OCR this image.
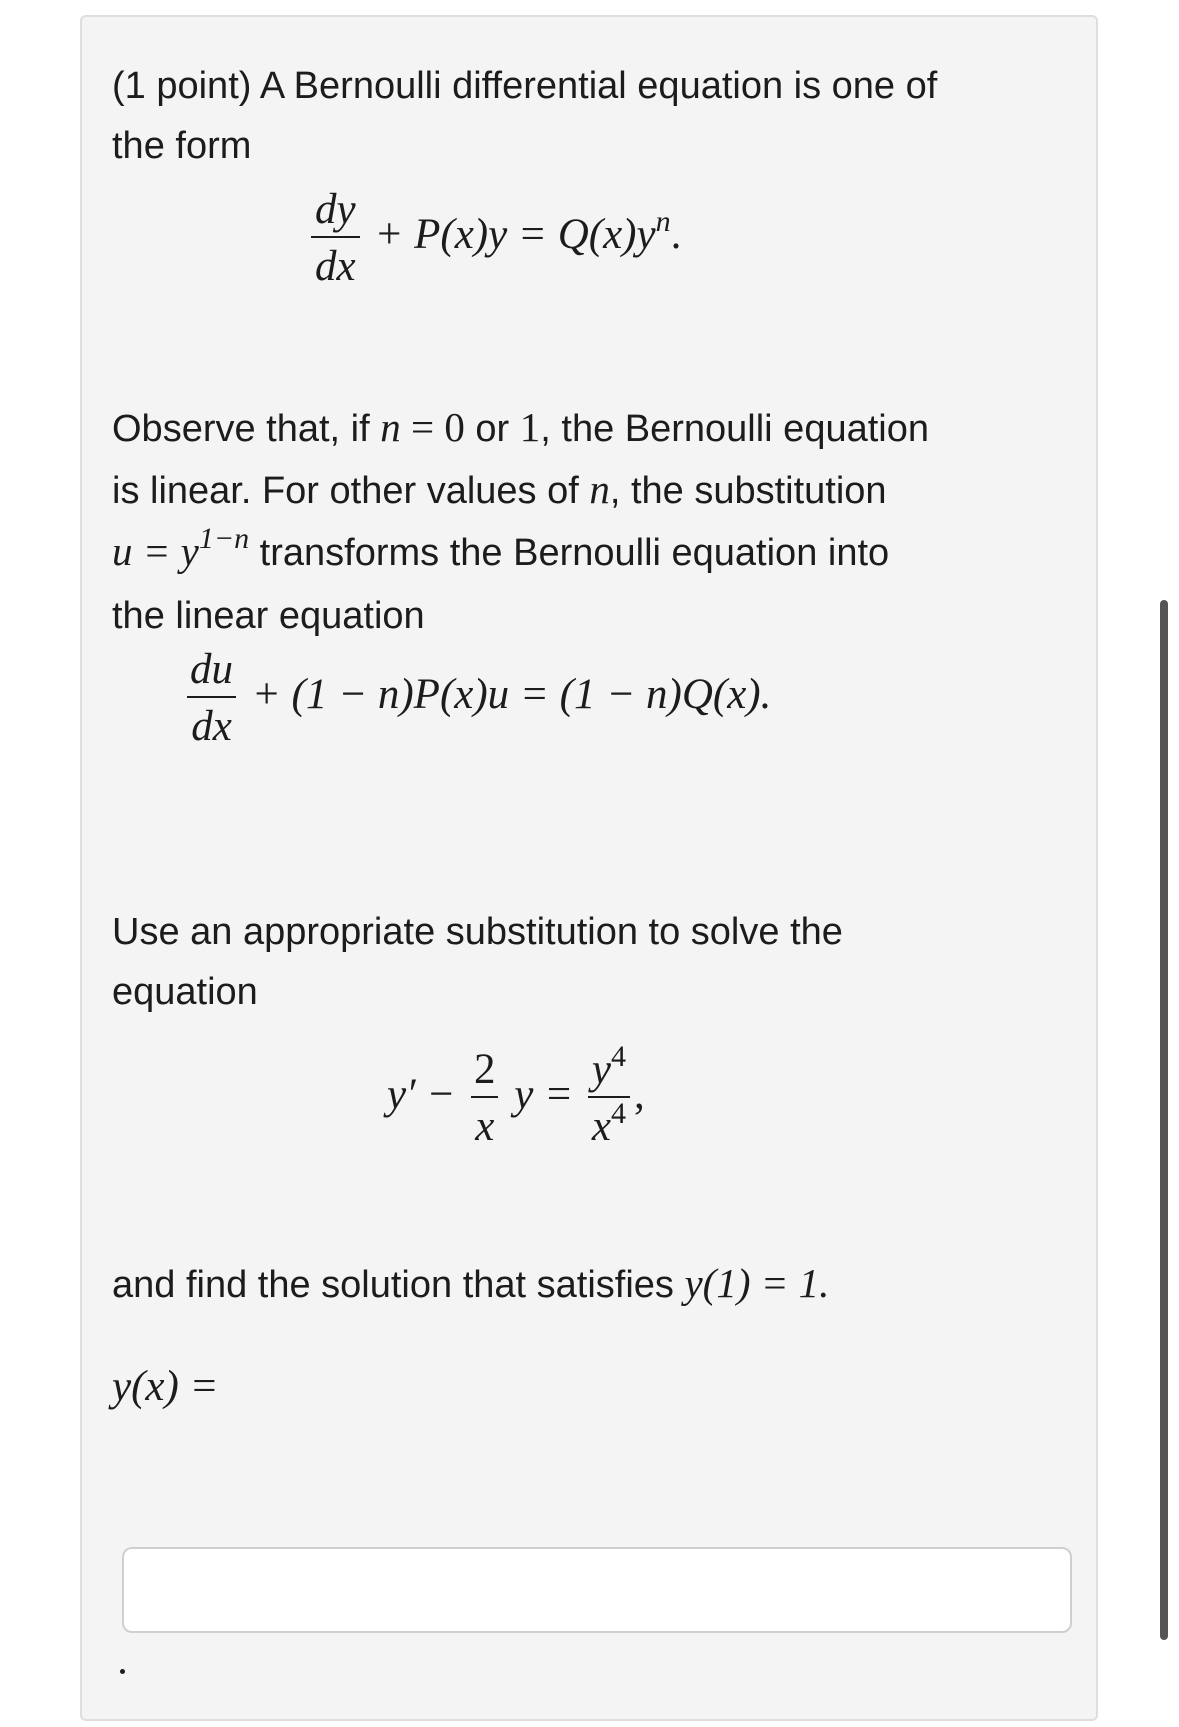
(1 point) A Bernoulli differential equation is one of
the form
$\frac{dy}{dx} + P(x)y = Q(x)y^n$.
Observe that, if n = 0 or 1, the Bernoulli equation
is linear. For other values of n, the substitution
$u = y^{1-n}$ transforms the Bernoulli equation into
the linear equation
$\frac{du}{dx} + (1 - n)P(x)u = (1 - n)Q(x)$.
Use an appropriate substitution to solve the
equation
$y' - \frac{2}{x}$ $y = \frac{y^4}{x^4}$ ,
and find the solution that satisfies y(1) = 1.
y(x) =
